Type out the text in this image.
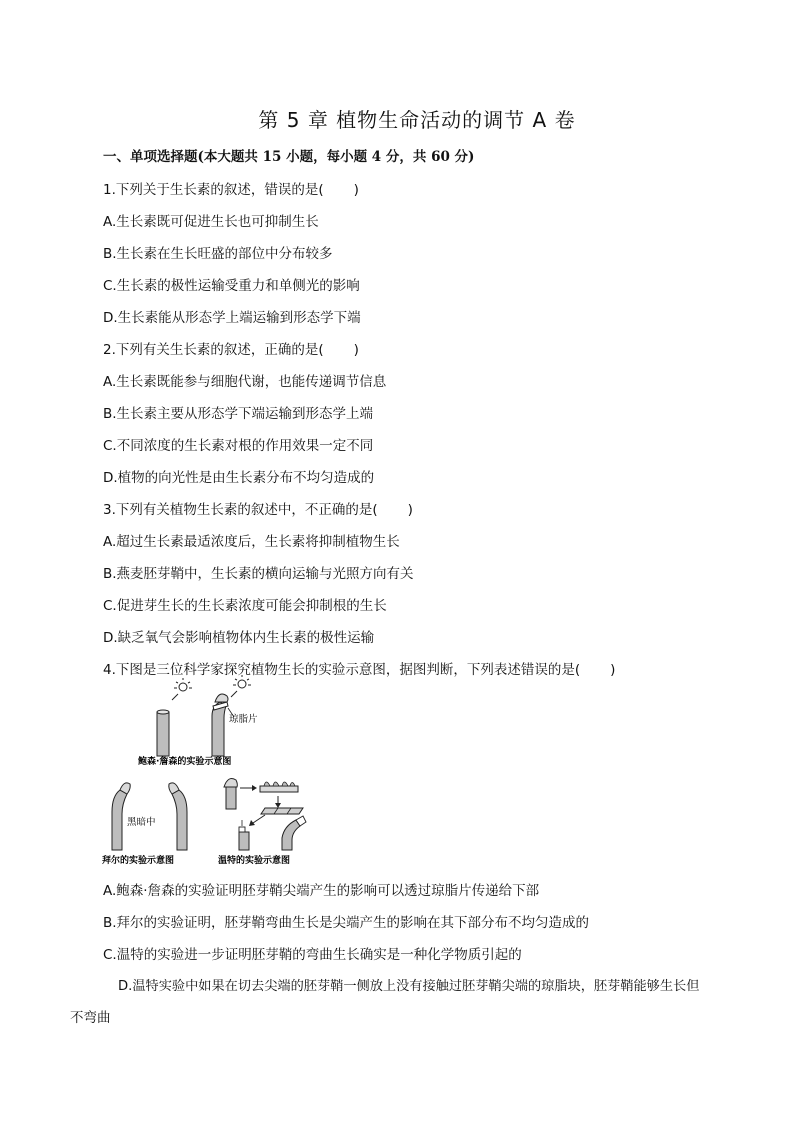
第 5 章 植物生命活动的调节 A 卷
一、单项选择题(本大题共 15 小题，每小题 4 分，共 60 分)
1.下列关于生长素的叙述，错误的是( )
A.生长素既可促进生长也可抑制生长
B.生长素在生长旺盛的部位中分布较多
C.生长素的极性运输受重力和单侧光的影响
D.生长素能从形态学上端运输到形态学下端
2.下列有关生长素的叙述，正确的是( )
A.生长素既能参与细胞代谢，也能传递调节信息
B.生长素主要从形态学下端运输到形态学上端
C.不同浓度的生长素对根的作用效果一定不同
D.植物的向光性是由生长素分布不均匀造成的
3.下列有关植物生长素的叙述中，不正确的是( )
A.超过生长素最适浓度后，生长素将抑制植物生长
B.燕麦胚芽鞘中，生长素的横向运输与光照方向有关
C.促进芽生长的生长素浓度可能会抑制根的生长
D.缺乏氧气会影响植物体内生长素的极性运输
4.下图是三位科学家探究植物生长的实验示意图，据图判断，下列表述错误的是( )
琼脂片
鲍森·詹森的实验示意图
黑暗中
拜尔的实验示意图	温特的实验示意图
A.鲍森·詹森的实验证明胚芽鞘尖端产生的影响可以透过琼脂片传递给下部
B.拜尔的实验证明，胚芽鞘弯曲生长是尖端产生的影响在其下部分布不均匀造成的
C.温特的实验进一步证明胚芽鞘的弯曲生长确实是一种化学物质引起的
D.温特实验中如果在切去尖端的胚芽鞘一侧放上没有接触过胚芽鞘尖端的琼脂块，胚芽鞘能够生长但
不弯曲
